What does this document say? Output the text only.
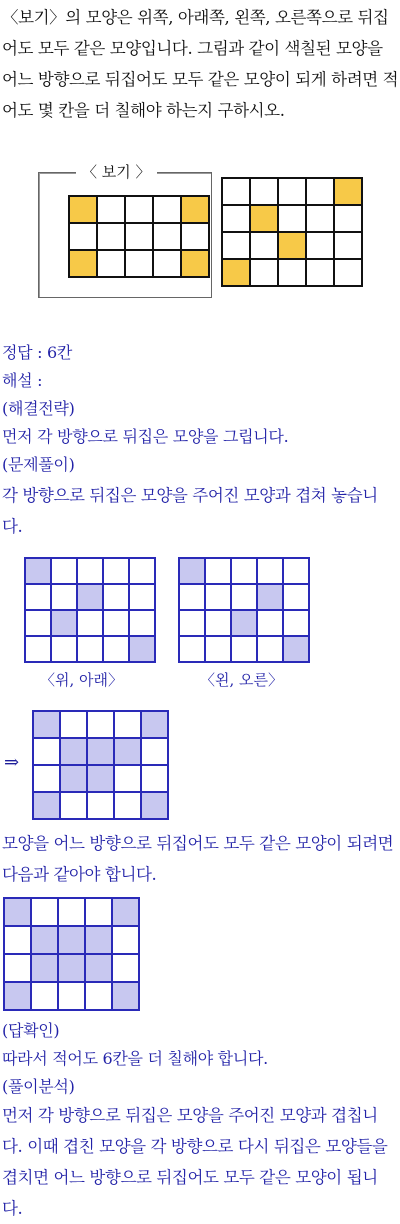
〈보기〉의 모양은 위쪽, 아래쪽, 왼쪽, 오른쪽으로 뒤집어도 모두 같은 모양입니다. 그림과 같이 색칠된 모양을 어느 방향으로 뒤집어도 모두 같은 모양이 되게 하려면 적어도 몇 칸을 더 칠해야 하는지 구하시오.
〈 보기 〉
정답 : 6칸
해설 :
(해결전략)
먼저 각 방향으로 뒤집은 모양을 그립니다.
(문제풀이)
각 방향으로 뒤집은 모양을 주어진 모양과 겹쳐 놓습니다.
〈위, 아래〉	〈왼, 오른〉
⇒
모양을 어느 방향으로 뒤집어도 모두 같은 모양이 되려면 다음과 같아야 합니다.
(답확인)
따라서 적어도 6칸을 더 칠해야 합니다.
(풀이분석)
먼저 각 방향으로 뒤집은 모양을 주어진 모양과 겹칩니다. 이때 겹친 모양을 각 방향으로 다시 뒤집은 모양들을 겹치면 어느 방향으로 뒤집어도 모두 같은 모양이 됩니다.
